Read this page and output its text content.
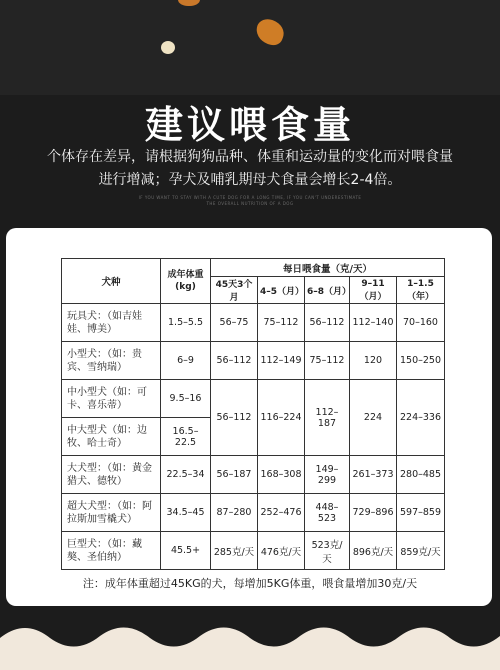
建议喂食量
个体存在差异，请根据狗狗品种、体重和运动量的变化而对喂食量
进行增减；孕犬及哺乳期母犬食量会增长2-4倍。
IF YOU WANT TO STAY WITH A CUTE DOG FOR A LONG TIME, IF YOU CAN'T UNDERESTIMATE
THE OVERALL NUTRITION OF A DOG
犬种	成年体重(kg)	每日喂食量（克/天）				
		45天3个月	4–5（月）	6–8（月）	9–11（月）	1–1.5（年）
玩具犬：（如吉娃娃、博美）	1.5–5.5	56–75	75–112	56–112	112–140	70–160
小型犬：（如：贵宾、雪纳瑞）	6–9	56–112	112–149	75–112	120	150–250
中小型犬（如：可卡、喜乐蒂）	9.5–16	56–112	116–224	112–187	224	224–336
中大型犬（如：边牧、哈士奇）	16.5–22.5					
大犬型：（如：黄金猎犬、德牧）	22.5–34	56–187	168–308	149–299	261–373	280–485
超大犬型：（如：阿拉斯加雪橇犬）	34.5–45	87–280	252–476	448–523	729–896	597–859
巨型犬：（如：藏獒、圣伯纳）	45.5+	285克/天	476克/天	523克/天	896克/天	859克/天
注：成年体重超过45KG的犬，每增加5KG体重，喂食量增加30克/天
